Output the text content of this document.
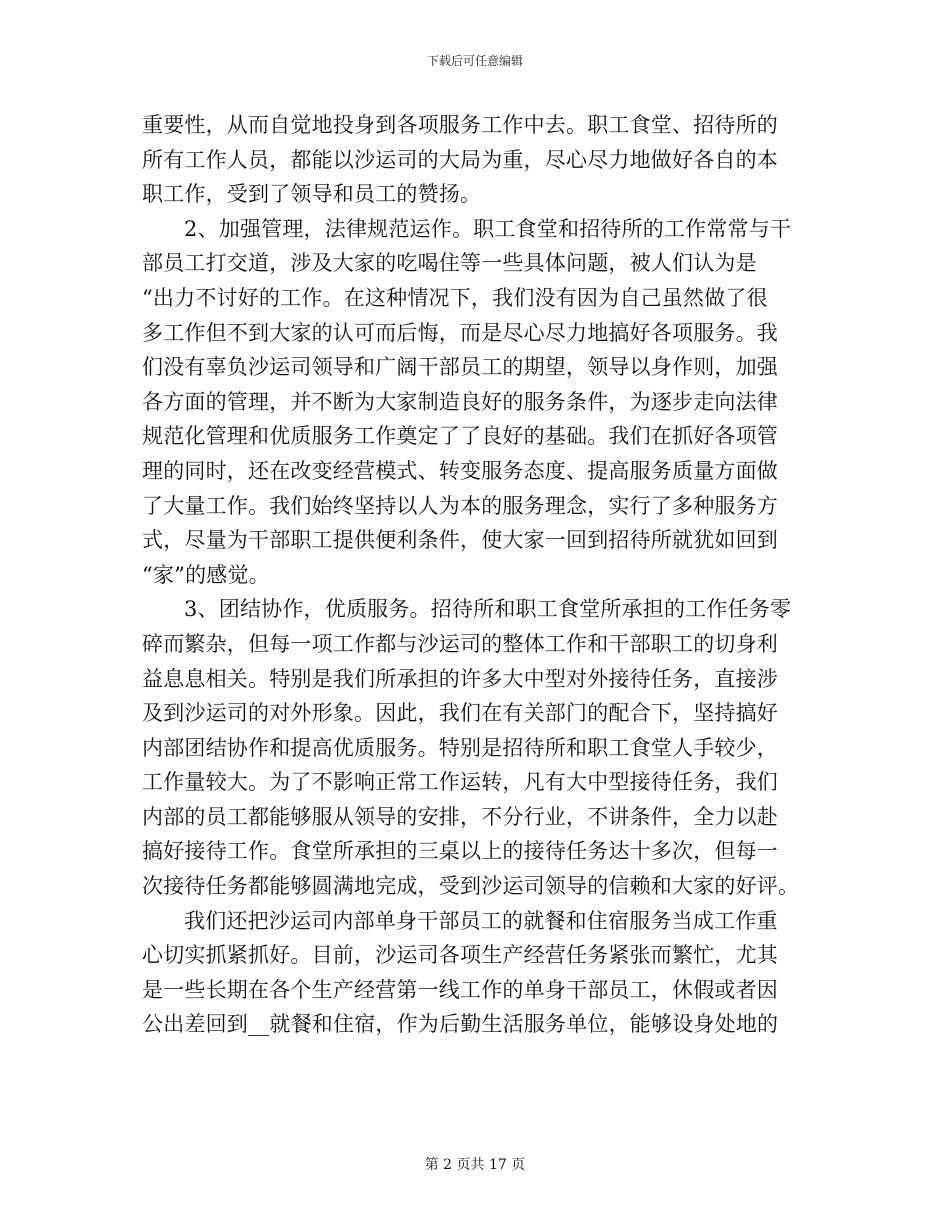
下载后可任意编辑
重要性，从而自觉地投身到各项服务工作中去。职工食堂、招待所的
所有工作人员，都能以沙运司的大局为重，尽心尽力地做好各自的本
职工作，受到了领导和员工的赞扬。
2、加强管理，法律规范运作。职工食堂和招待所的工作常常与干
部员工打交道，涉及大家的吃喝住等一些具体问题，被人们认为是
“出力不讨好的工作。在这种情况下，我们没有因为自己虽然做了很
多工作但不到大家的认可而后悔，而是尽心尽力地搞好各项服务。我
们没有辜负沙运司领导和广阔干部员工的期望，领导以身作则，加强
各方面的管理，并不断为大家制造良好的服务条件，为逐步走向法律
规范化管理和优质服务工作奠定了了良好的基础。我们在抓好各项管
理的同时，还在改变经营模式、转变服务态度、提高服务质量方面做
了大量工作。我们始终坚持以人为本的服务理念，实行了多种服务方
式，尽量为干部职工提供便利条件，使大家一回到招待所就犹如回到
“家”的感觉。
3、团结协作，优质服务。招待所和职工食堂所承担的工作任务零
碎而繁杂，但每一项工作都与沙运司的整体工作和干部职工的切身利
益息息相关。特别是我们所承担的许多大中型对外接待任务，直接涉
及到沙运司的对外形象。因此，我们在有关部门的配合下，坚持搞好
内部团结协作和提高优质服务。特别是招待所和职工食堂人手较少，
工作量较大。为了不影响正常工作运转，凡有大中型接待任务，我们
内部的员工都能够服从领导的安排，不分行业，不讲条件，全力以赴
搞好接待工作。食堂所承担的三桌以上的接待任务达十多次，但每一
次接待任务都能够圆满地完成，受到沙运司领导的信赖和大家的好评。
我们还把沙运司内部单身干部员工的就餐和住宿服务当成工作重
心切实抓紧抓好。目前，沙运司各项生产经营任务紧张而繁忙，尤其
是一些长期在各个生产经营第一线工作的单身干部员工，休假或者因
公出差回到__就餐和住宿，作为后勤生活服务单位，能够设身处地的
第 2 页共 17 页
